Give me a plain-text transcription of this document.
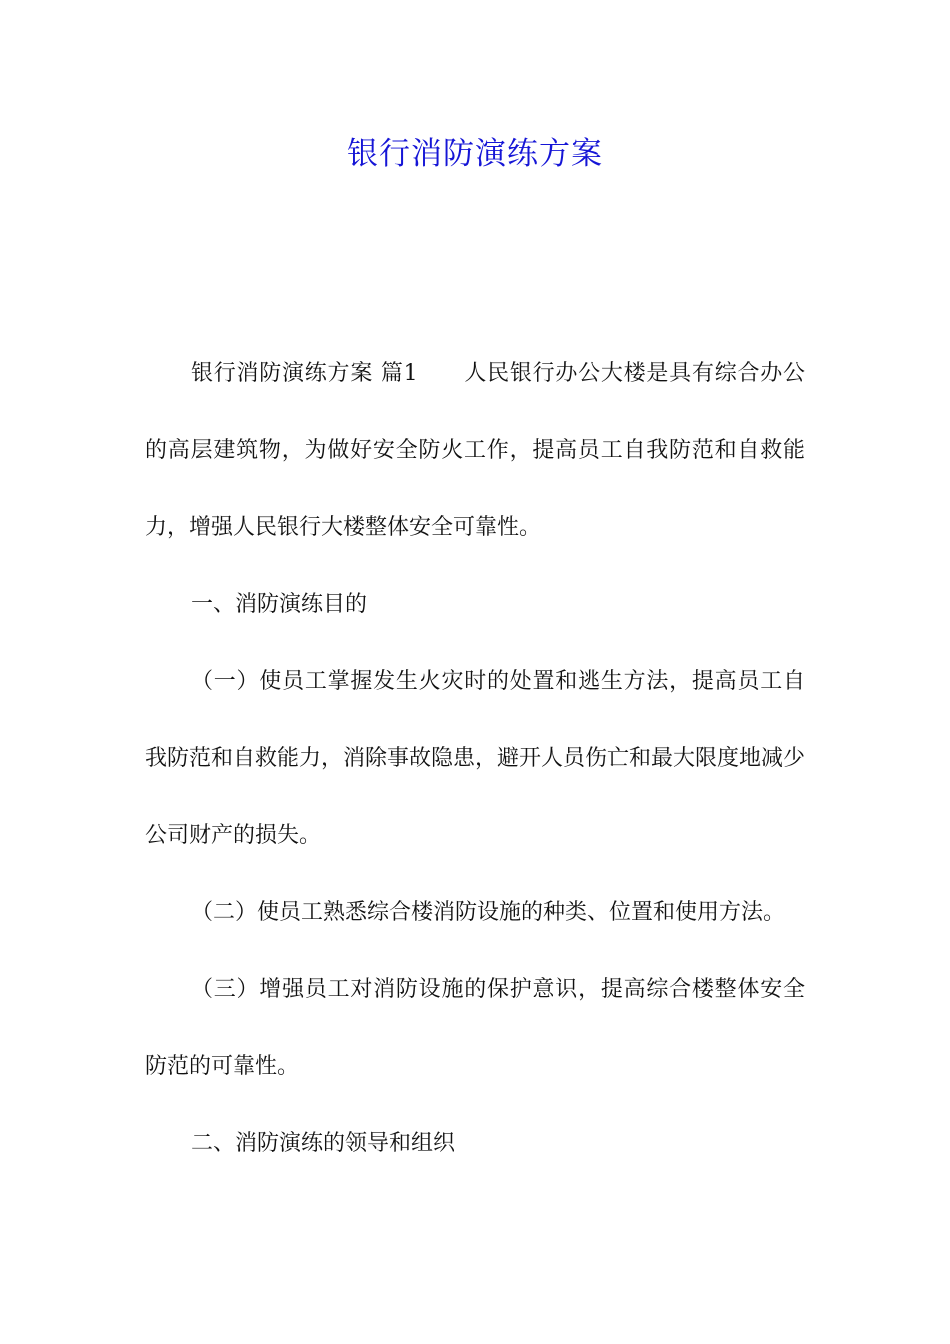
银行消防演练方案

银行消防演练方案 篇1 人民银行办公大楼是具有综合办公的高层建筑物，为做好安全防火工作，提高员工自我防范和自救能力，增强人民银行大楼整体安全可靠性。

一、消防演练目的

（一）使员工掌握发生火灾时的处置和逃生方法，提高员工自我防范和自救能力，消除事故隐患，避开人员伤亡和最大限度地减少公司财产的损失。

（二）使员工熟悉综合楼消防设施的种类、位置和使用方法。

（三）增强员工对消防设施的保护意识，提高综合楼整体安全防范的可靠性。

二、消防演练的领导和组织
